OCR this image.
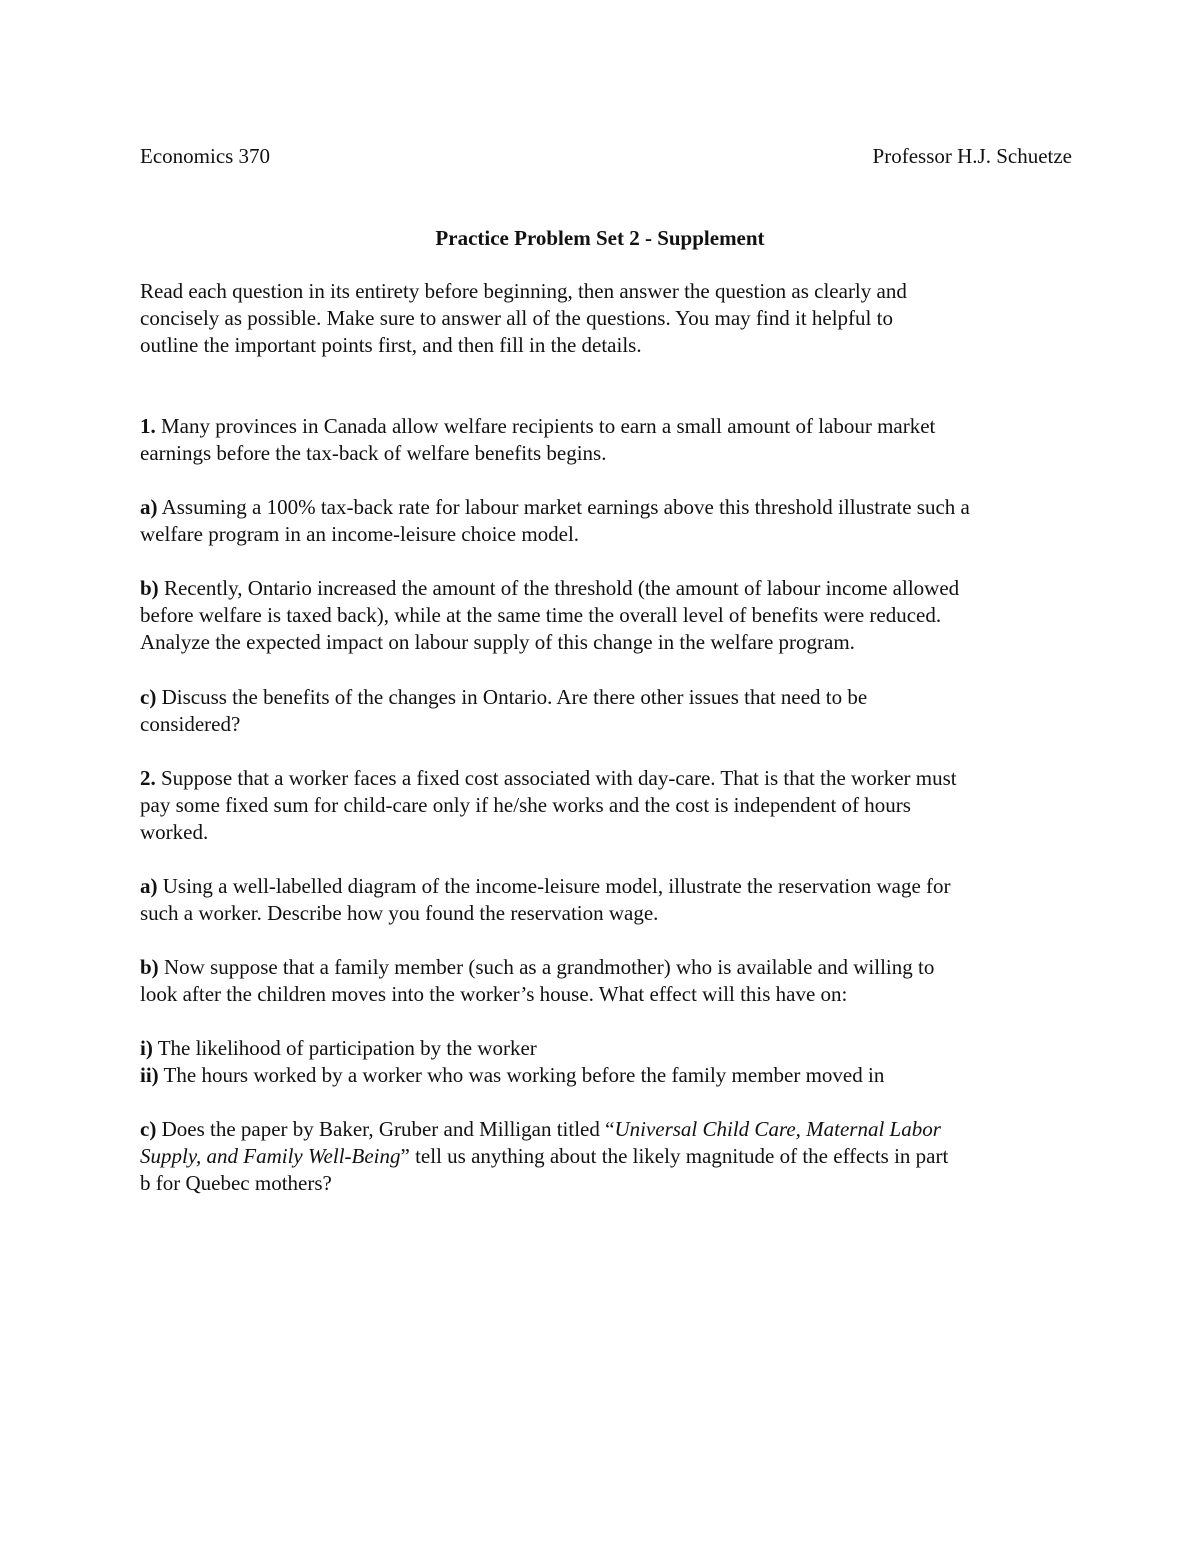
Economics 370	Professor H.J. Schuetze
Practice Problem Set 2 - Supplement
Read each question in its entirety before beginning, then answer the question as clearly and
concisely as possible. Make sure to answer all of the questions. You may find it helpful to
outline the important points first, and then fill in the details.
1. Many provinces in Canada allow welfare recipients to earn a small amount of labour market
earnings before the tax-back of welfare benefits begins.
a) Assuming a 100% tax-back rate for labour market earnings above this threshold illustrate such a
welfare program in an income-leisure choice model.
b) Recently, Ontario increased the amount of the threshold (the amount of labour income allowed
before welfare is taxed back), while at the same time the overall level of benefits were reduced.
Analyze the expected impact on labour supply of this change in the welfare program.
c) Discuss the benefits of the changes in Ontario. Are there other issues that need to be
considered?
2. Suppose that a worker faces a fixed cost associated with day-care. That is that the worker must
pay some fixed sum for child-care only if he/she works and the cost is independent of hours
worked.
a) Using a well-labelled diagram of the income-leisure model, illustrate the reservation wage for
such a worker. Describe how you found the reservation wage.
b) Now suppose that a family member (such as a grandmother) who is available and willing to
look after the children moves into the worker’s house. What effect will this have on:
i) The likelihood of participation by the worker
ii) The hours worked by a worker who was working before the family member moved in
c) Does the paper by Baker, Gruber and Milligan titled “Universal Child Care, Maternal Labor
Supply, and Family Well-Being” tell us anything about the likely magnitude of the effects in part
b for Quebec mothers?
